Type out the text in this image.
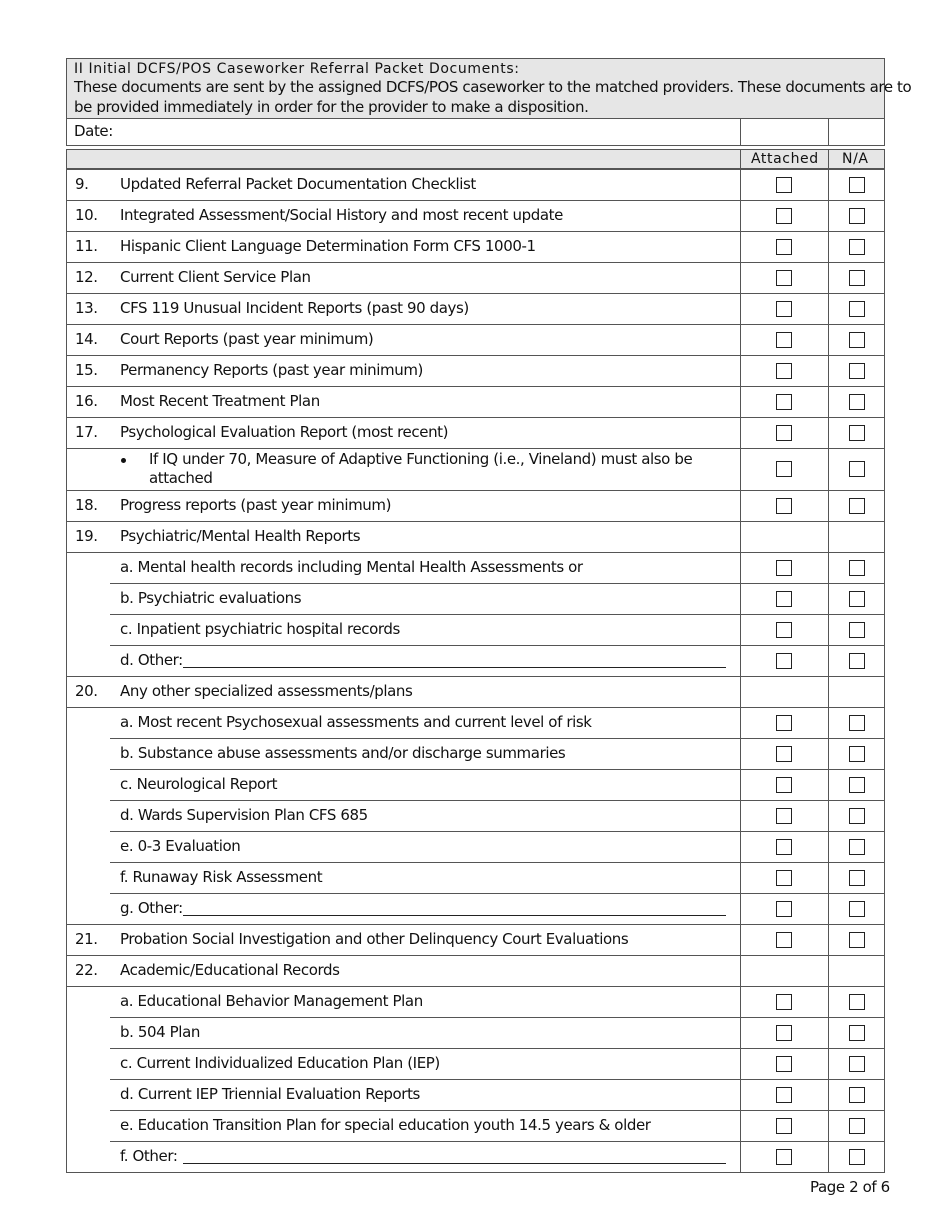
II Initial DCFS/POS Caseworker Referral Packet Documents:
These documents are sent by the assigned DCFS/POS caseworker to the matched providers. These documents are to
be provided immediately in order for the provider to make a disposition.
Date:
Attached N/A
9. Updated Referral Packet Documentation Checklist
10. Integrated Assessment/Social History and most recent update
11. Hispanic Client Language Determination Form CFS 1000-1
12. Current Client Service Plan
13. CFS 119 Unusual Incident Reports (past 90 days)
14. Court Reports (past year minimum)
15. Permanency Reports (past year minimum)
16. Most Recent Treatment Plan
17. Psychological Evaluation Report (most recent)
If IQ under 70, Measure of Adaptive Functioning (i.e., Vineland) must also be
attached
18. Progress reports (past year minimum)
19. Psychiatric/Mental Health Reports
a. Mental health records including Mental Health Assessments or
b. Psychiatric evaluations
c. Inpatient psychiatric hospital records
d. Other:
20. Any other specialized assessments/plans
a. Most recent Psychosexual assessments and current level of risk
b. Substance abuse assessments and/or discharge summaries
c. Neurological Report
d. Wards Supervision Plan CFS 685
e. 0-3 Evaluation
f. Runaway Risk Assessment
g. Other:
21. Probation Social Investigation and other Delinquency Court Evaluations
22. Academic/Educational Records
a. Educational Behavior Management Plan
b. 504 Plan
c. Current Individualized Education Plan (IEP)
d. Current IEP Triennial Evaluation Reports
e. Education Transition Plan for special education youth 14.5 years & older
f. Other:
Page 2 of 6
